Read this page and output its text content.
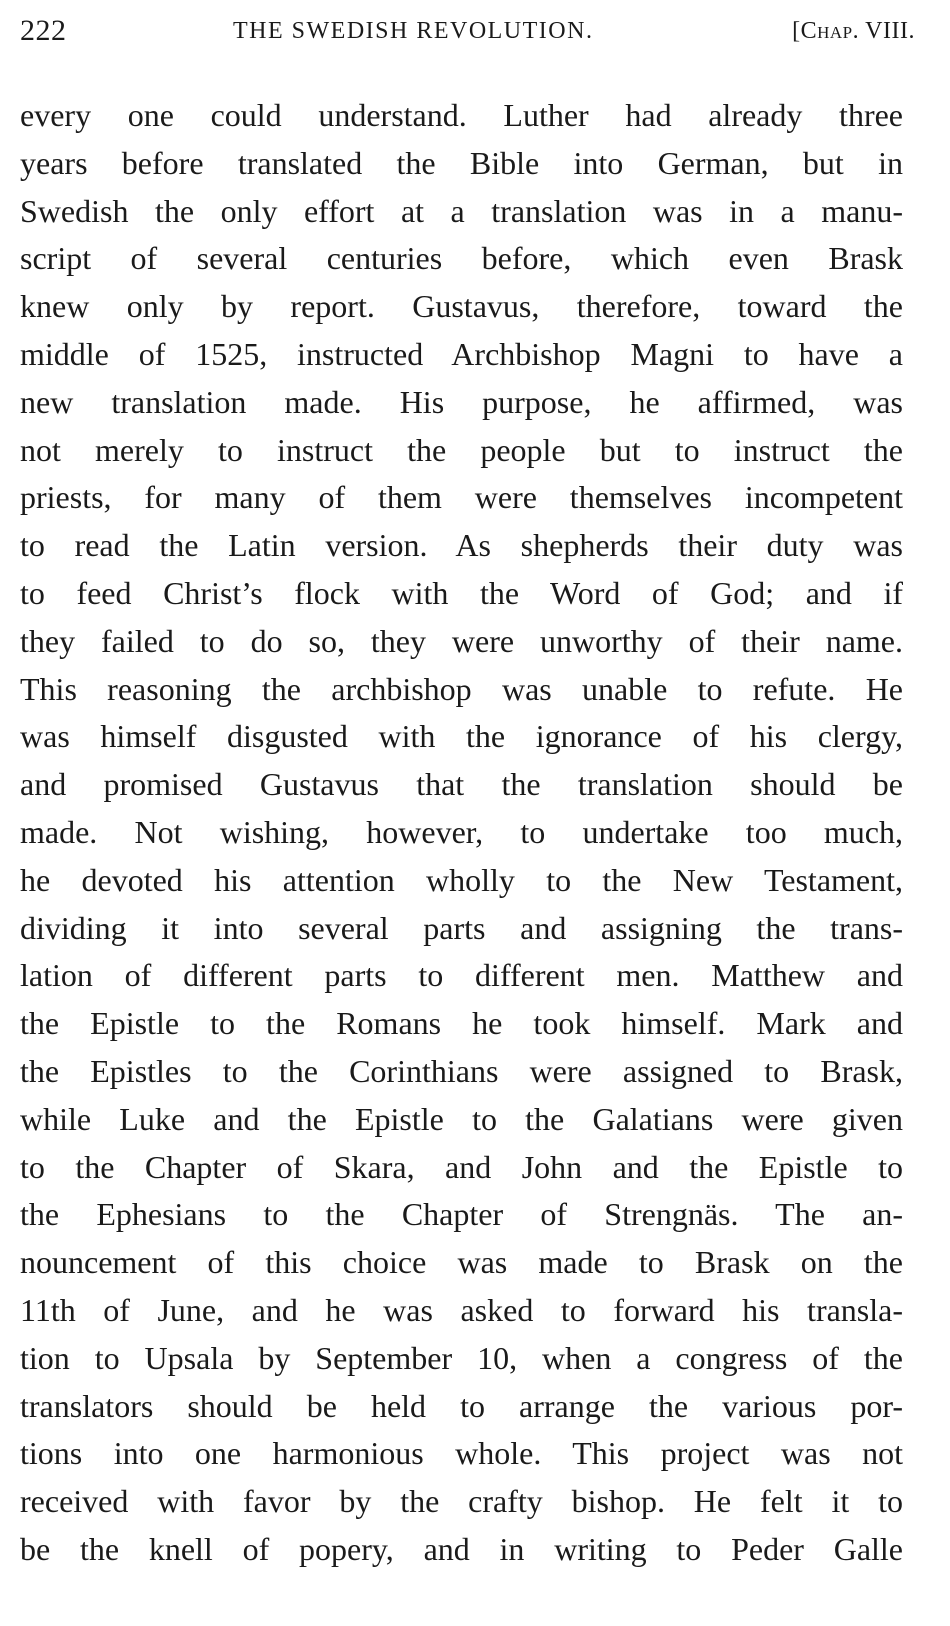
222	THE SWEDISH REVOLUTION.	[Chap. VIII.
every one could understand. Luther had already three
years before translated the Bible into German, but in
Swedish the only effort at a translation was in a manu-
script of several centuries before, which even Brask
knew only by report. Gustavus, therefore, toward the
middle of 1525, instructed Archbishop Magni to have a
new translation made. His purpose, he affirmed, was
not merely to instruct the people but to instruct the
priests, for many of them were themselves incompetent
to read the Latin version. As shepherds their duty was
to feed Christ’s flock with the Word of God; and if
they failed to do so, they were unworthy of their name.
This reasoning the archbishop was unable to refute. He
was himself disgusted with the ignorance of his clergy,
and promised Gustavus that the translation should be
made. Not wishing, however, to undertake too much,
he devoted his attention wholly to the New Testament,
dividing it into several parts and assigning the trans-
lation of different parts to different men. Matthew and
the Epistle to the Romans he took himself. Mark and
the Epistles to the Corinthians were assigned to Brask,
while Luke and the Epistle to the Galatians were given
to the Chapter of Skara, and John and the Epistle to
the Ephesians to the Chapter of Strengnäs. The an-
nouncement of this choice was made to Brask on the
11th of June, and he was asked to forward his transla-
tion to Upsala by September 10, when a congress of the
translators should be held to arrange the various por-
tions into one harmonious whole. This project was not
received with favor by the crafty bishop. He felt it to
be the knell of popery, and in writing to Peder Galle
